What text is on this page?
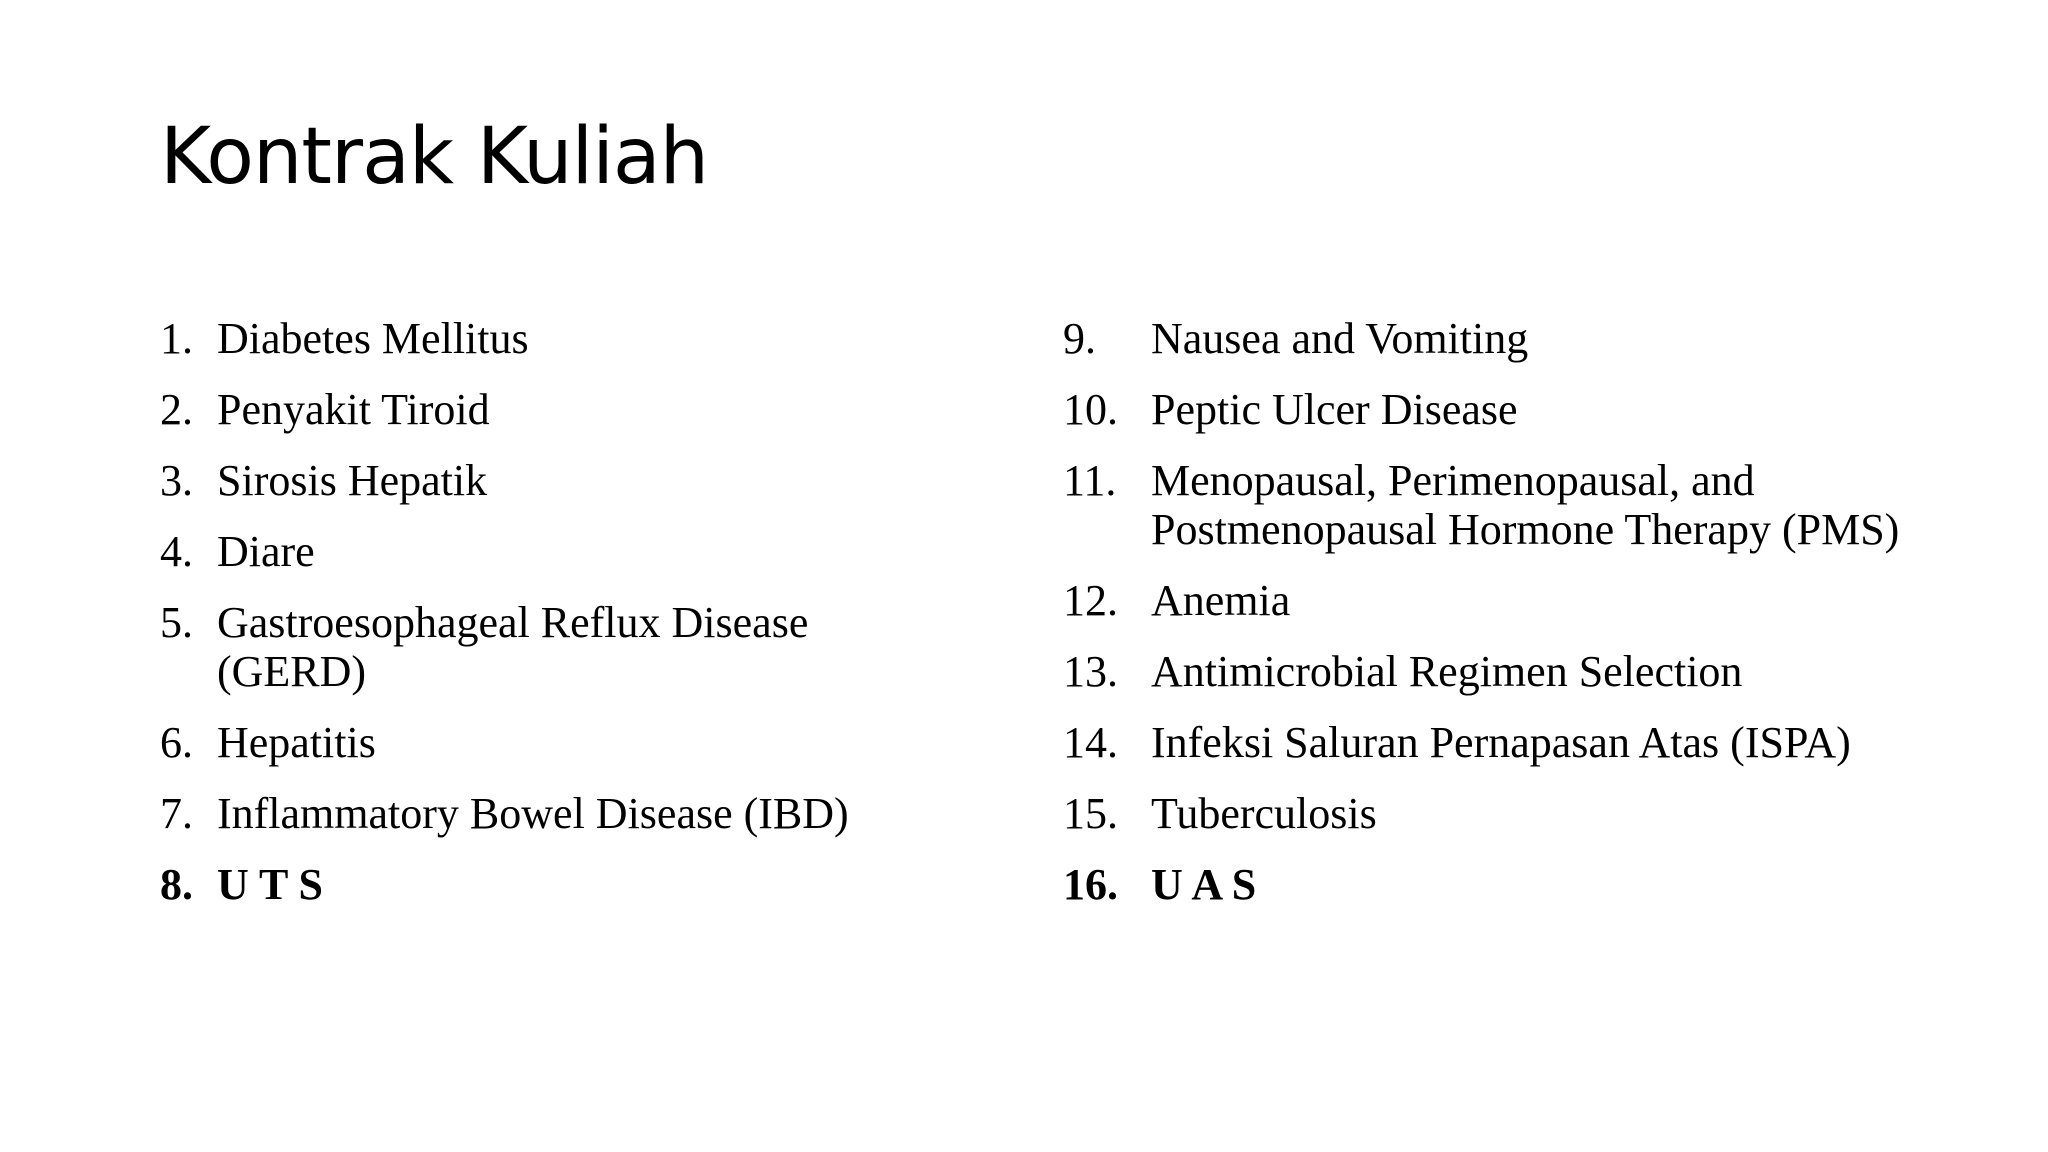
Kontrak Kuliah
1. Diabetes Mellitus
2. Penyakit Tiroid
3. Sirosis Hepatik
4. Diare
5. Gastroesophageal Reflux Disease (GERD)
6. Hepatitis
7. Inflammatory Bowel Disease (IBD)
8. U T S
9.	Nausea and Vomiting
10. Peptic Ulcer Disease
11. Menopausal, Perimenopausal, and Postmenopausal Hormone Therapy (PMS)
12. Anemia
13. Antimicrobial Regimen Selection
14. Infeksi Saluran Pernapasan Atas (ISPA)
15. Tuberculosis
16. U A S
